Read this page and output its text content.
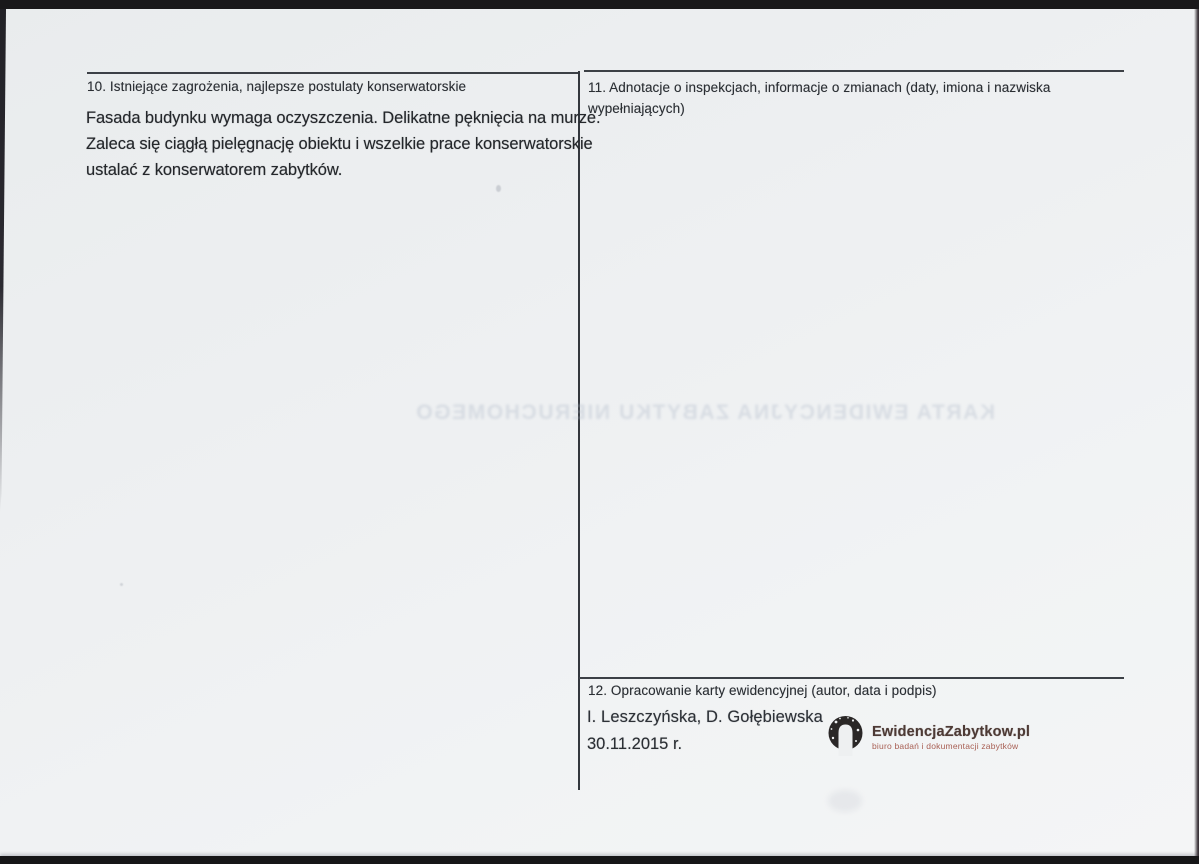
KARTA EWIDENCYJNA ZABYTKU NIERUCHOMEGO
10. Istniejące zagrożenia, najlepsze postulaty konserwatorskie
Fasada budynku wymaga oczyszczenia. Delikatne pęknięcia na murze.
Zaleca się ciągłą pielęgnację obiektu i wszelkie prace konserwatorskie
ustalać z konserwatorem zabytków.
11. Adnotacje o inspekcjach, informacje o zmianach (daty, imiona i nazwiska
wypełniających)
12. Opracowanie karty ewidencyjnej (autor, data i podpis)
I. Leszczyńska, D. Gołębiewska
30.11.2015 r.
EwidencjaZabytkow.pl
biuro badań i dokumentacji zabytków
